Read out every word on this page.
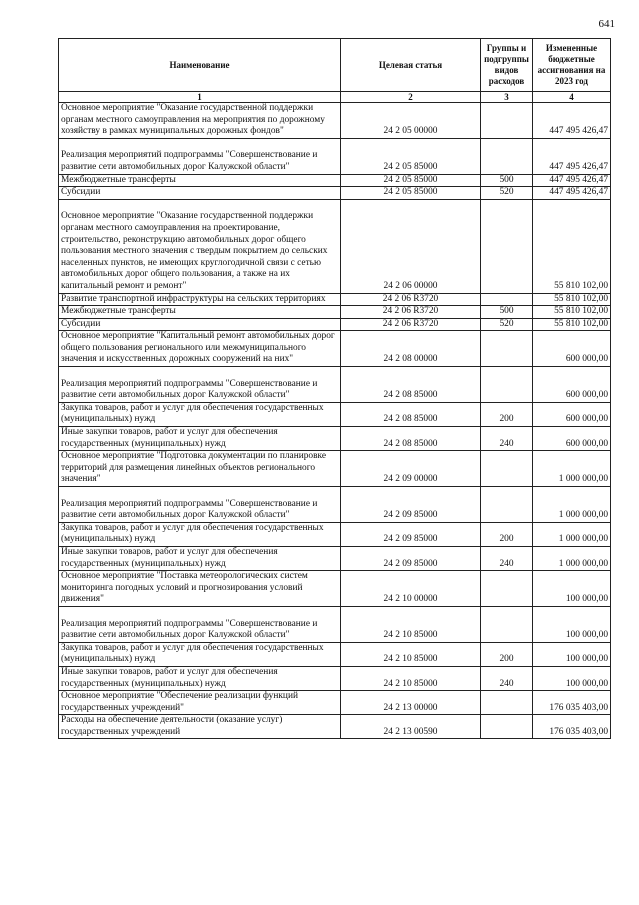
641
Наименование	Целевая статья	Группы и подгруппы видов расходов	Измененные бюджетные ассигнования на 2023 год
1	2	3	4
Основное мероприятие "Оказание государственной поддержки органам местного самоуправления на мероприятия по дорожному хозяйству в рамках муниципальных дорожных фондов"	24 2 05 00000		447 495 426,47

Реализация мероприятий подпрограммы "Совершенствование и развитие сети автомобильных дорог Калужской области"	24 2 05 85000		447 495 426,47
Межбюджетные трансферты	24 2 05 85000	500	447 495 426,47
Субсидии	24 2 05 85000	520	447 495 426,47

Основное мероприятие "Оказание государственной поддержки органам местного самоуправления на проектирование, строительство, реконструкцию автомобильных дорог общего пользования местного значения с твердым покрытием до сельских населенных пунктов, не имеющих круглогодичной связи с сетью автомобильных дорог общего пользования, а также на их капитальный ремонт и ремонт"	24 2 06 00000		55 810 102,00
Развитие транспортной инфраструктуры на сельских территориях	24 2 06 R3720		55 810 102,00
Межбюджетные трансферты	24 2 06 R3720	500	55 810 102,00
Субсидии	24 2 06 R3720	520	55 810 102,00
Основное мероприятие "Капитальный ремонт автомобильных дорог общего пользования регионального или межмуниципального значения и искусственных дорожных сооружений на них"	24 2 08 00000		600 000,00

Реализация мероприятий подпрограммы "Совершенствование и развитие сети автомобильных дорог Калужской области"	24 2 08 85000		600 000,00
Закупка товаров, работ и услуг для обеспечения государственных (муниципальных) нужд	24 2 08 85000	200	600 000,00
Иные закупки товаров, работ и услуг для обеспечения государственных (муниципальных) нужд	24 2 08 85000	240	600 000,00
Основное мероприятие "Подготовка документации по планировке территорий для размещения линейных объектов регионального значения"	24 2 09 00000		1 000 000,00

Реализация мероприятий подпрограммы "Совершенствование и развитие сети автомобильных дорог Калужской области"	24 2 09 85000		1 000 000,00
Закупка товаров, работ и услуг для обеспечения государственных (муниципальных) нужд	24 2 09 85000	200	1 000 000,00
Иные закупки товаров, работ и услуг для обеспечения государственных (муниципальных) нужд	24 2 09 85000	240	1 000 000,00
Основное мероприятие "Поставка метеорологических систем мониторинга погодных условий и прогнозирования условий движения"	24 2 10 00000		100 000,00

Реализация мероприятий подпрограммы "Совершенствование и развитие сети автомобильных дорог Калужской области"	24 2 10 85000		100 000,00
Закупка товаров, работ и услуг для обеспечения государственных (муниципальных) нужд	24 2 10 85000	200	100 000,00
Иные закупки товаров, работ и услуг для обеспечения государственных (муниципальных) нужд	24 2 10 85000	240	100 000,00
Основное мероприятие "Обеспечение реализации функций государственных учреждений"	24 2 13 00000		176 035 403,00
Расходы на обеспечение деятельности (оказание услуг) государственных учреждений	24 2 13 00590		176 035 403,00
